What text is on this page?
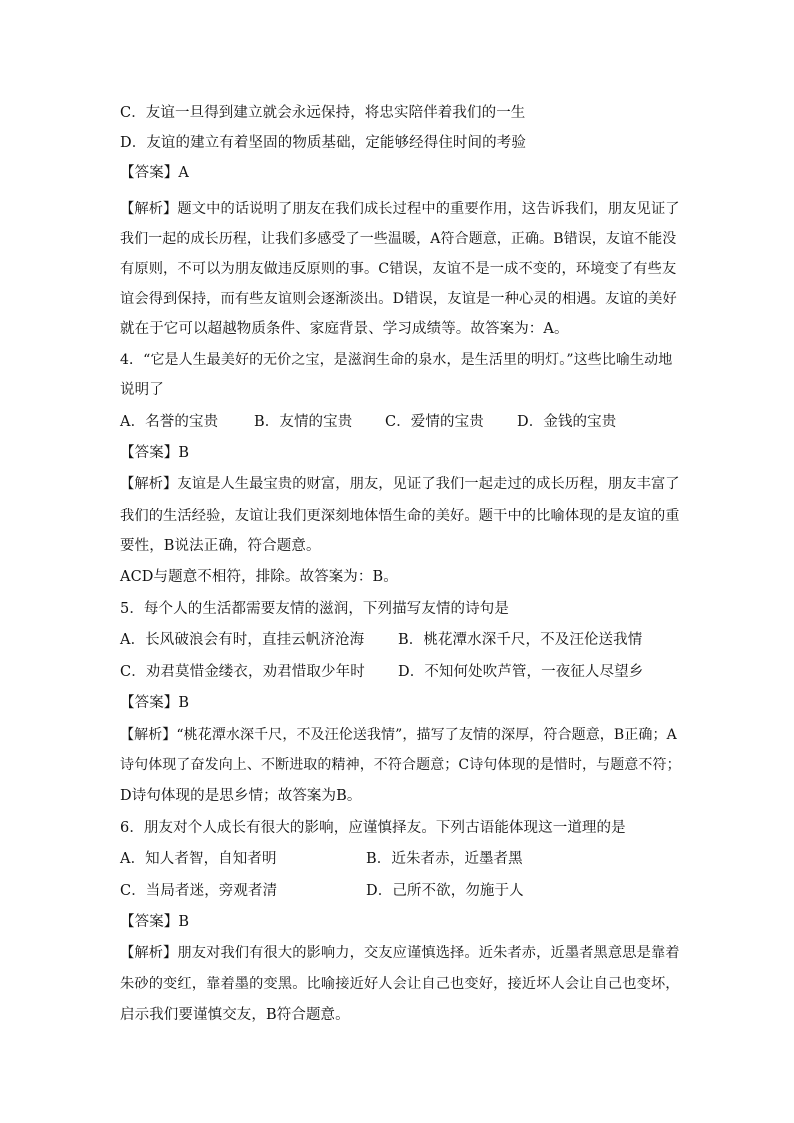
C．友谊一旦得到建立就会永远保持，将忠实陪伴着我们的一生
D．友谊的建立有着坚固的物质基础，定能够经得住时间的考验
【答案】A
【解析】题文中的话说明了朋友在我们成长过程中的重要作用，这告诉我们，朋友见证了
我们一起的成长历程，让我们多感受了一些温暖，A符合题意，正确。B错误，友谊不能没
有原则，不可以为朋友做违反原则的事。C错误，友谊不是一成不变的，环境变了有些友
谊会得到保持，而有些友谊则会逐渐淡出。D错误，友谊是一种心灵的相遇。友谊的美好
就在于它可以超越物质条件、家庭背景、学习成绩等。故答案为：A。
4．“它是人生最美好的无价之宝，是滋润生命的泉水，是生活里的明灯。”这些比喻生动地
说明了
A．名誉的宝贵 B．友情的宝贵 C．爱情的宝贵 D．金钱的宝贵
【答案】B
【解析】友谊是人生最宝贵的财富，朋友，见证了我们一起走过的成长历程，朋友丰富了
我们的生活经验，友谊让我们更深刻地体悟生命的美好。题干中的比喻体现的是友谊的重
要性，B说法正确，符合题意。
ACD与题意不相符，排除。故答案为：B。
5．每个人的生活都需要友情的滋润，下列描写友情的诗句是
A．长风破浪会有时，直挂云帆济沧海 B．桃花潭水深千尺，不及汪伦送我情
C．劝君莫惜金缕衣，劝君惜取少年时 D．不知何处吹芦管，一夜征人尽望乡
【答案】B
【解析】“桃花潭水深千尺，不及汪伦送我情”，描写了友情的深厚，符合题意，B正确；A
诗句体现了奋发向上、不断进取的精神，不符合题意；C诗句体现的是惜时，与题意不符；
D诗句体现的是思乡情；故答案为B。
6．朋友对个人成长有很大的影响，应谨慎择友。下列古语能体现这一道理的是
A．知人者智，自知者明	B．近朱者赤，近墨者黑
C．当局者迷，旁观者清	D．己所不欲，勿施于人
【答案】B
【解析】朋友对我们有很大的影响力，交友应谨慎选择。近朱者赤，近墨者黑意思是靠着
朱砂的变红，靠着墨的变黑。比喻接近好人会让自己也变好，接近坏人会让自己也变坏，
启示我们要谨慎交友，B符合题意。
